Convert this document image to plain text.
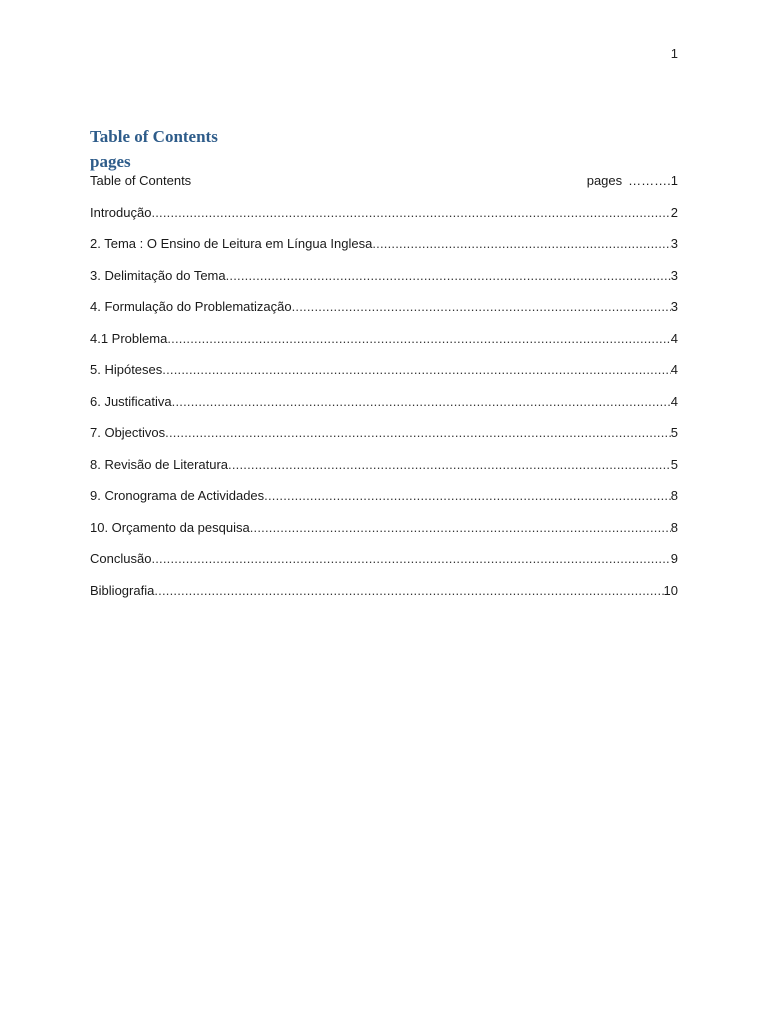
1
Table of Contents
pages
Table of Contents	pages ………. 1
Introdução .....	2
2. Tema : O Ensino de Leitura em Língua Inglesa .....	3
3. Delimitação do Tema .....	3
4. Formulação do Problematização .....	3
4.1 Problema .....	4
5. Hipóteses .....	4
6. Justificativa .....	4
7. Objectivos .....	5
8. Revisão de Literatura .....	5
9. Cronograma de Actividades .....	8
10. Orçamento da pesquisa .....	8
Conclusão .....	9
Bibliografia .....	10
